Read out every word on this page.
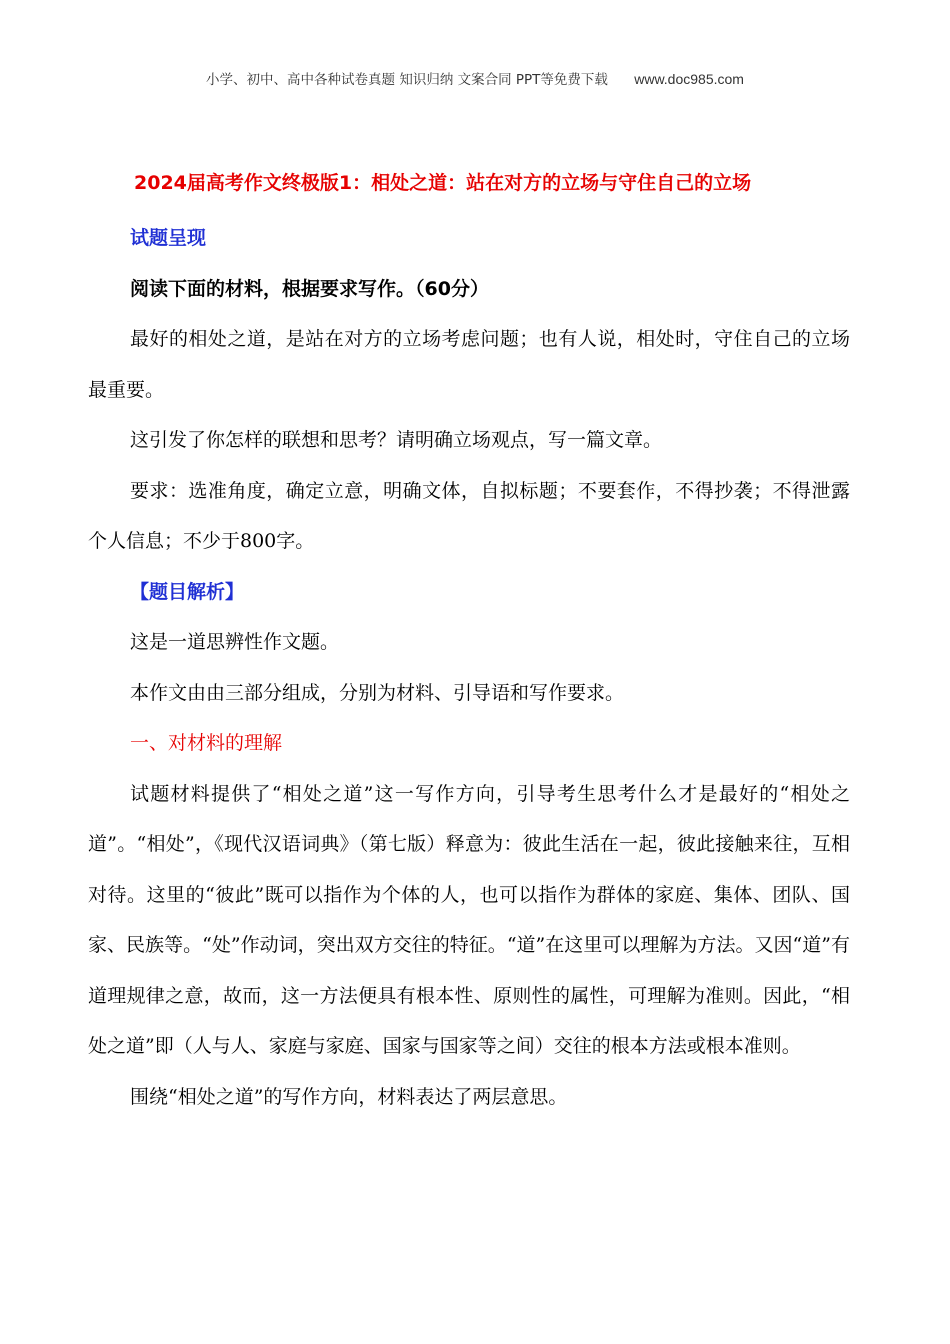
小学、初中、高中各种试卷真题 知识归纳 文案合同 PPT等免费下载 www.doc985.com
2024届高考作文终极版1：相处之道：站在对方的立场与守住自己的立场

试题呈现

阅读下面的材料，根据要求写作。（60分）

最好的相处之道，是站在对方的立场考虑问题；也有人说，相处时，守住自己的立场最重要。

这引发了你怎样的联想和思考？请明确立场观点，写一篇文章。

要求：选准角度，确定立意，明确文体，自拟标题；不要套作，不得抄袭；不得泄露个人信息；不少于800字。

【题目解析】

这是一道思辨性作文题。

本作文由由三部分组成，分别为材料、引导语和写作要求。

一、对材料的理解

试题材料提供了“相处之道”这一写作方向，引导考生思考什么才是最好的“相处之道”。“相处”，《现代汉语词典》（第七版）释意为：彼此生活在一起，彼此接触来往，互相对待。这里的“彼此”既可以指作为个体的人，也可以指作为群体的家庭、集体、团队、国家、民族等。“处”作动词，突出双方交往的特征。“道”在这里可以理解为方法。又因“道”有道理规律之意，故而，这一方法便具有根本性、原则性的属性，可理解为准则。因此，“相处之道”即（人与人、家庭与家庭、国家与国家等之间）交往的根本方法或根本准则。

围绕“相处之道”的写作方向，材料表达了两层意思。
